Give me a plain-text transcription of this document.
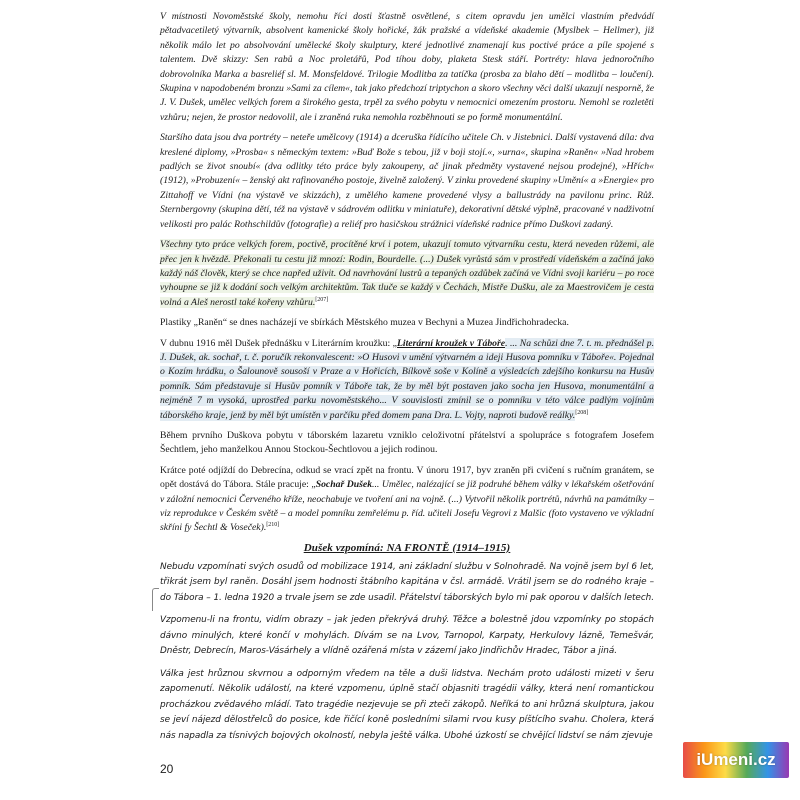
V místnosti Novoměstské školy, nemohu říci dosti šťastně osvětlené, s citem opravdu jen umělci vlastním předvádí pětadvacetiletý výtvarník, absolvent kamenické školy hořické, žák pražské a vídeňské akademie (Myslbek – Hellmer), již několik málo let po absolvování umělecké školy skulptury, které jednotlivé znamenají kus poctivé práce a píle spojené s talentem. Dvě skizzy: Sen rabů a Noc proletářů, Pod tíhou doby, plaketa Stesk stáří. Portréty: hlava jednoročního dobrovolníka Marka a basreliéf sl. M. Monsfeldové. Trilogie Modlitba za tatíčka (prosba za blaho dětí – modlitba – loučení). Skupina v napodobeném bronzu »Sami za cílem«, tak jako předchozí triptychon a skoro všechny věci další ukazují nesporně, že J. V. Dušek, umělec velkých forem a širokého gesta, trpěl za svého pobytu v nemocnici omezením prostoru. Nemohl se rozletěti vzhůru; nejen, že prostor nedovolil, ale i zraněná ruka nemohla rozběhnouti se po formě monumentální.

Staršího data jsou dva portréty – neteře umělcovy (1914) a dceruška řídícího učitele Ch. v Jistebnici. Další vystavená díla: dva kreslené diplomy, »Prosba« s německým textem: »Buď Bože s tebou, již v boji stojí.«, »urna«, skupina »Raněn« »Nad hrobem padlých se život snoubí« (dva odlitky této práce byly zakoupeny, ač jinak předměty vystavené nejsou prodejné), »Hřích« (1912), »Probuzení« – ženský akt rafinovaného postoje, živelně založený. V zinku provedené skupiny »Umění« a »Energie« pro Zittahoff ve Vídni (na výstavě ve skizzách), z umělého kamene provedené vlysy a ballustrády na pavilonu princ. Růž. Sternbergovny (skupina dětí, též na výstavě v sádrovém odlitku v miniatuře), dekorativní dětské výplně, pracované v nadživotní velikosti pro palác Rothschildův (fotografie) a reliéf pro hasičskou strážnici vídeňské radnice přímo Duškovi zadaný.

Všechny tyto práce velkých forem, poctivě, procítěné krví i potem, ukazují tomuto výtvarníku cestu, která neveden růžemi, ale přec jen k hvězdě. Překonali tu cestu již mnozí: Rodin, Bourdelle. (...) Dušek vyrůstá sám v prostředí vídeňském a začíná jako každý náš člověk, který se chce napřed uživit. Od navrhování lustrů a tepaných ozdůbek začíná ve Vídni svoji kariéru – po roce vyhoupne se již k dodání soch velkým architektům. Tak tluče se každý v Čechách, Mistře Dušku, ale za Maestrovičem je cesta volná a Aleš nerostl také kořeny vzhůru.[207]

Plastiky „Raněn“ se dnes nacházejí ve sbírkách Městského muzea v Bechyni a Muzea Jindřichohradecka.

V dubnu 1916 měl Dušek přednášku v Literárním kroužku: „Literární kroužek v Táboře. ... Na schůzi dne 7. t. m. přednášel p. J. Dušek, ak. sochař, t. č. poručík rekonvalescent: »O Husovi v umění výtvarném a ideji Husova pomníku v Táboře«. Pojednal o Kozím hrádku, o Šalounově sousoší v Praze a v Hořicích, Bílkově soše v Kolíně a výsledcích zdejšího konkursu na Husův pomník. Sám představuje si Husův pomník v Táboře tak, že by měl být postaven jako socha jen Husova, monumentální a nejméně 7 m vysoká, uprostřed parku novoměstského... V souvislosti zmínil se o pomníku v této válce padlým vojínům táborského kraje, jenž by měl být umístěn v parčíku před domem pana Dra. L. Vojty, naproti budově reálky.[208]

Během prvního Duškova pobytu v táborském lazaretu vzniklo celoživotní přátelství a spolupráce s fotografem Josefem Šechtlem, jeho manželkou Annou Stockou-Šechtlovou a jejich rodinou.

Krátce poté odjíždí do Debrecína, odkud se vrací zpět na frontu. V únoru 1917, byv zraněn při cvičení s ručním granátem, se opět dostává do Tábora. Stále pracuje: „Sochař Dušek... Umělec, nalézající se již podruhé během války v lékařském ošetřování v záložní nemocnici Červeného kříže, neochabuje ve tvoření ani na vojně. (...) Vytvořil několik portrétů, návrhů na památníky – viz reprodukce v Českém světě – a model pomníku zemřelému p. říd. učiteli Josefu Vegrovi z Malšic (foto vystaveno ve výkladní skříni fy Šechtl & Voseček).[210]

Dušek vzpomíná: NA FRONTĚ (1914–1915)

Nebudu vzpomínati svých osudů od mobilizace 1914, ani základní službu v Solnohradě. Na vojně jsem byl 6 let, třikrát jsem byl raněn. Dosáhl jsem hodnosti štábního kapitána v čsl. armádě. Vrátil jsem se do rodného kraje – do Tábora – 1. ledna 1920 a trvale jsem se zde usadil. Přátelství táborských bylo mi pak oporou v dalších letech.

Vzpomenu-li na frontu, vidím obrazy – jak jeden překrývá druhý. Těžce a bolestně jdou vzpomínky po stopách dávno minulých, které končí v mohylách. Dívám se na Lvov, Tarnopol, Karpaty, Herkulovy lázně, Temešvár, Dněstr, Debrecín, Maros-Vásárhely a vlídně ozářená místa v zázemí jako Jindřichův Hradec, Tábor a jiná.

Válka jest hrůznou skvrnou a odporným vředem na těle a duši lidstva. Nechám proto události mizeti v šeru zapomenutí. Několik událostí, na které vzpomenu, úplně stačí objasniti tragédii války, která není romantickou procházkou zvědavého mládí. Tato tragédie nezjevuje se při zteči zákopů. Neříká to ani hrůzná skulptura, jakou se jeví nájezd dělostřelců do posice, kde řičící koně posledními silami rvou kusy píštícího svahu. Cholera, která nás napadla za tísnivých bojových okolností, nebyla ještě válka. Ubohé úzkostí se chvějící lidství se nám zjevuje

20	iUmeni.cz
